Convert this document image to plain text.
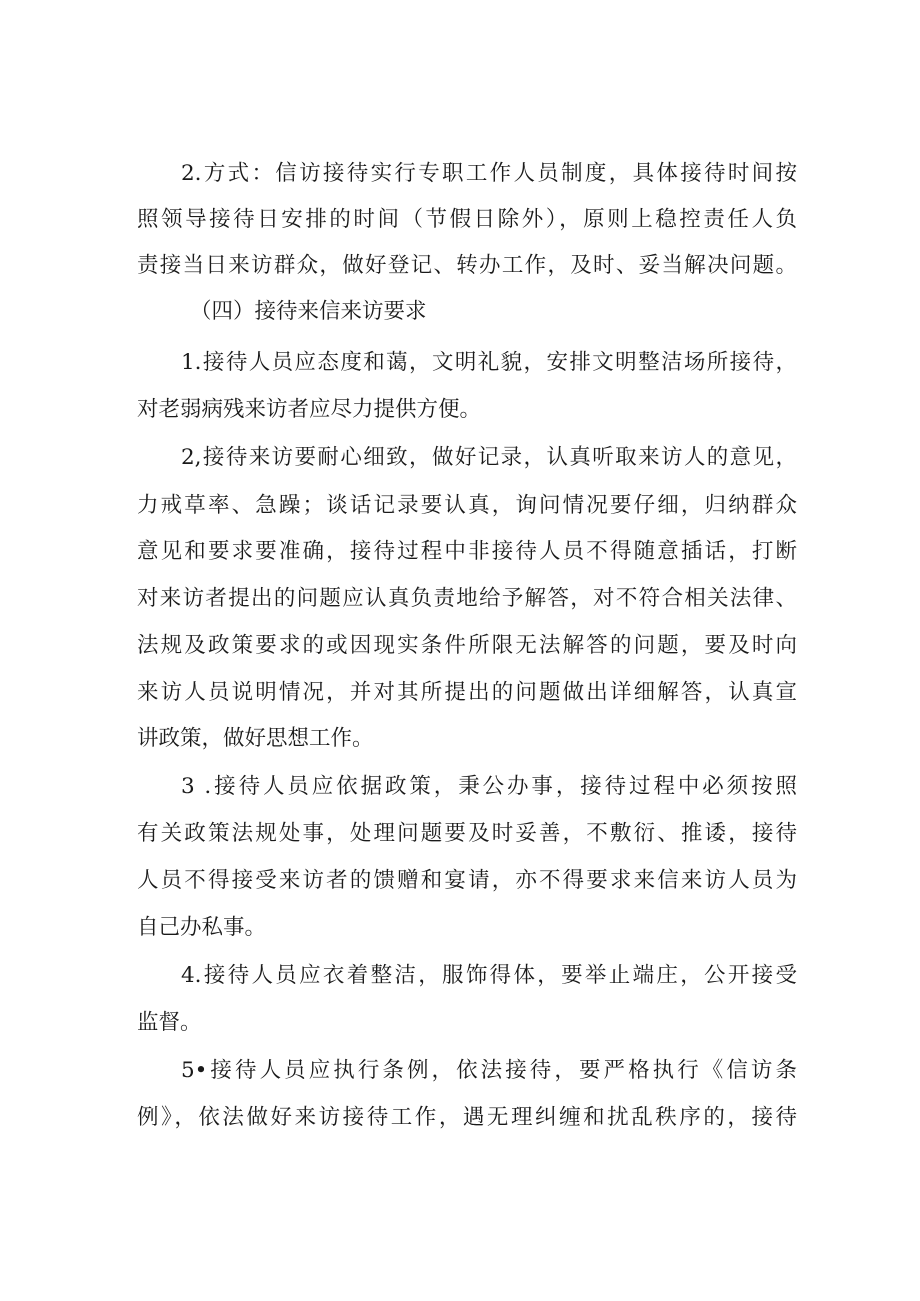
2.方式：信访接待实行专职工作人员制度，具体接待时间按
照领导接待日安排的时间（节假日除外），原则上稳控责任人负
责接当日来访群众，做好登记、转办工作，及时、妥当解决问题。
（四）接待来信来访要求
1.接待人员应态度和蔼，文明礼貌，安排文明整洁场所接待，
对老弱病残来访者应尽力提供方便。
2,接待来访要耐心细致，做好记录，认真听取来访人的意见，
力戒草率、急躁；谈话记录要认真，询问情况要仔细，归纳群众
意见和要求要准确，接待过程中非接待人员不得随意插话，打断
对来访者提出的问题应认真负责地给予解答，对不符合相关法律、
法规及政策要求的或因现实条件所限无法解答的问题，要及时向
来访人员说明情况，并对其所提出的问题做出详细解答，认真宣
讲政策，做好思想工作。
3 .接待人员应依据政策，秉公办事，接待过程中必须按照
有关政策法规处事，处理问题要及时妥善，不敷衍、推诿，接待
人员不得接受来访者的馈赠和宴请，亦不得要求来信来访人员为
自己办私事。
4.接待人员应衣着整洁，服饰得体，要举止端庄，公开接受
监督。
5•接待人员应执行条例，依法接待，要严格执行《信访条
例》，依法做好来访接待工作，遇无理纠缠和扰乱秩序的，接待
